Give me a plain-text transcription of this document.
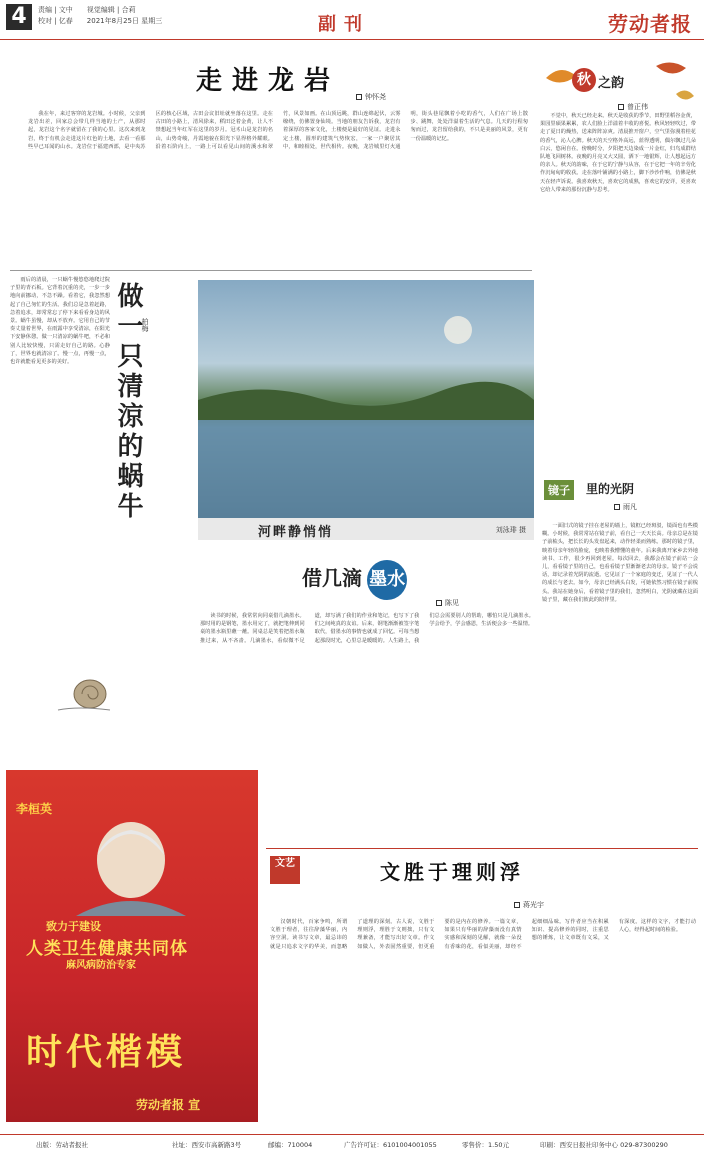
4	责编 | 文中　　视觉编辑 | 合莉
校对 | 亿春　　2021年8月25日 星期三	副刊	劳动者报
走进龙岩
钟怀尧

我在年，来过客穿的龙岩城。小时候，父亲到龙岩出差，回家总会带几样当地的土产，从那时起，龙岩这个名字就留在了我的心里。这次来到龙岩，终于有机会走进这片红色的土地，去看一看那些早已耳闻的山水。龙岩位于福建西部，是中央苏区的核心区域，古田会议旧址就坐落在这里。走在古田的小路上，清风徐来，稻田泛着金黄，让人不禁想起当年红军在这里的岁月。冠豸山是龙岩的名山，山势奇峻，丹霞地貌在阳光下显得格外耀眼。沿着石阶向上，一路上可以看见山间的溪水和翠竹，风景如画。在山顶远眺，群山连绵起伏，云雾缭绕，仿佛置身仙境。当地的朋友告诉我，龙岩有着深厚的客家文化，土楼便是最好的见证。走进永定土楼，圆形的建筑气势恢宏，一家一户聚居其中，和睦相处，世代相传。夜晚，龙岩城里灯火通明，街头巷尾飘着小吃的香气，人们在广场上散步、跳舞，处处洋溢着生活的气息。几天的行程匆匆而过，龙岩留给我的，不只是美丽的风景，更有一份温暖的记忆。

秋 之韵
曾正伟

不觉中，秋天已经走来。秋天是收获的季节，田野里稻谷金黄，果园里硕果累累，农人们脸上洋溢着丰收的喜悦。秋风轻轻吹过，带走了夏日的燥热，送来阵阵凉爽。清晨推开窗户，空气里弥漫着桂花的香气，沁人心脾。秋天的天空格外高远，蓝得透明，偶尔飘过几朵白云，悠闲自在。傍晚时分，夕阳把天边染成一片金红，归鸟成群结队地飞回树林。夜晚的月亮又大又圆，洒下一地银辉，让人想起远方的亲人。秋天的韵味，在于它的宁静与从容，在于它把一年的辛劳化作沉甸甸的收获。走在落叶铺满的小路上，脚下沙沙作响，仿佛是秋天在轻声诉说。我喜欢秋天，喜欢它的成熟，喜欢它的安详，更喜欢它给人带来的那份沉静与思考。

镜子	里的光阴
雨凡

一面旧式的镜子挂在老屋的墙上，镜框已经斑驳，镜面也有些模糊。小时候，我常常站在镜子前，看自己一天天长高。母亲总是在镜子前梳头，把长长的头发盘起来，动作轻柔而熟练。那时的镜子里，映着母亲年轻的脸庞，也映着我懵懂的童年。后来我离开家乡去外地读书、工作，很少再回到老屋。每次回去，我都会在镜子前站一会儿，看看镜子里的自己，也看看镜子里渐渐老去的母亲。镜子不会说话，却记录着光阴的流逝。它见证了一个家庭的变迁，见证了一代人的成长与老去。如今，母亲已经满头白发，可她依然习惯在镜子前梳头。我站在她身后，看着镜子里的我们，忽然明白，光阴就藏在这面镜子里，藏在我们彼此的陪伴里。

雨后的清晨，一只蜗牛慢悠悠地爬过院子里的青石板。它背着沉重的壳，一步一步地向前挪动，不急不躁。看着它，我忽然想起了自己匆忙的生活。我们总是急着赶路，急着追求，却常常忘了停下来看看身边的风景。蜗牛虽慢，却从不放弃。它用自己的节奏丈量着世界，在雨露中享受清凉，在阳光下安静休憩。做一只清凉的蜗牛吧，不必和别人比较快慢，只需走好自己的路。心静了，世界也就清凉了。慢一点，再慢一点，也许就能看见更多的美好。	做一只清涼的蜗牛
柏梅
河畔静悄悄	刘泳琲 摄
借几滴 墨水
陈见

读书的时候，我常常向同桌借几滴墨水。那时用的是钢笔，墨水用完了，就把笔伸到同桌的墨水瓶里蘸一蘸。同桌总是笑着把墨水瓶推过来，从不吝啬。几滴墨水，看似微不足道，却写满了我们的作业和笔记，也写下了我们之间纯真的友谊。后来，钢笔渐渐被签字笔取代，借墨水的事情也就成了回忆。可每当想起那段时光，心里总是暖暖的。人生路上，我们总会需要别人的帮助，哪怕只是几滴墨水。学会给予，学会感恩，生活便会多一些温情。

李桓英
致力于建设
人类卫生健康共同体
麻风病防治专家
时代楷模
劳动者报 宣
文艺	文胜于理则浮
蒋光宇

汉朝时代，百家争鸣，所谓文胜于理者，往往辞藻华丽，内容空洞。读书写文章，最忌讳的就是只追求文字的华美，而忽略了道理的深刻。古人说，文胜于理则浮，理胜于文则拙，只有文理兼备，才能写出好文章。作文如做人，外表固然重要，但更重要的是内在的修养。一篇文章，如果只有华丽的辞藻而没有真情实感和深刻的见解，就像一朵没有香味的花，看似美丽，却经不起细细品味。写作者应当在积累知识、提高修养的同时，注重思想的锤炼，让文章既有文采，又有深度。这样的文字，才能打动人心，经得起时间的检验。

出版：劳动者报社	社址：西安市高新路3号	邮编：710004	广告许可证：6101004001055	零售价：1.50元	印刷：西安日报社印务中心 029-87300290
